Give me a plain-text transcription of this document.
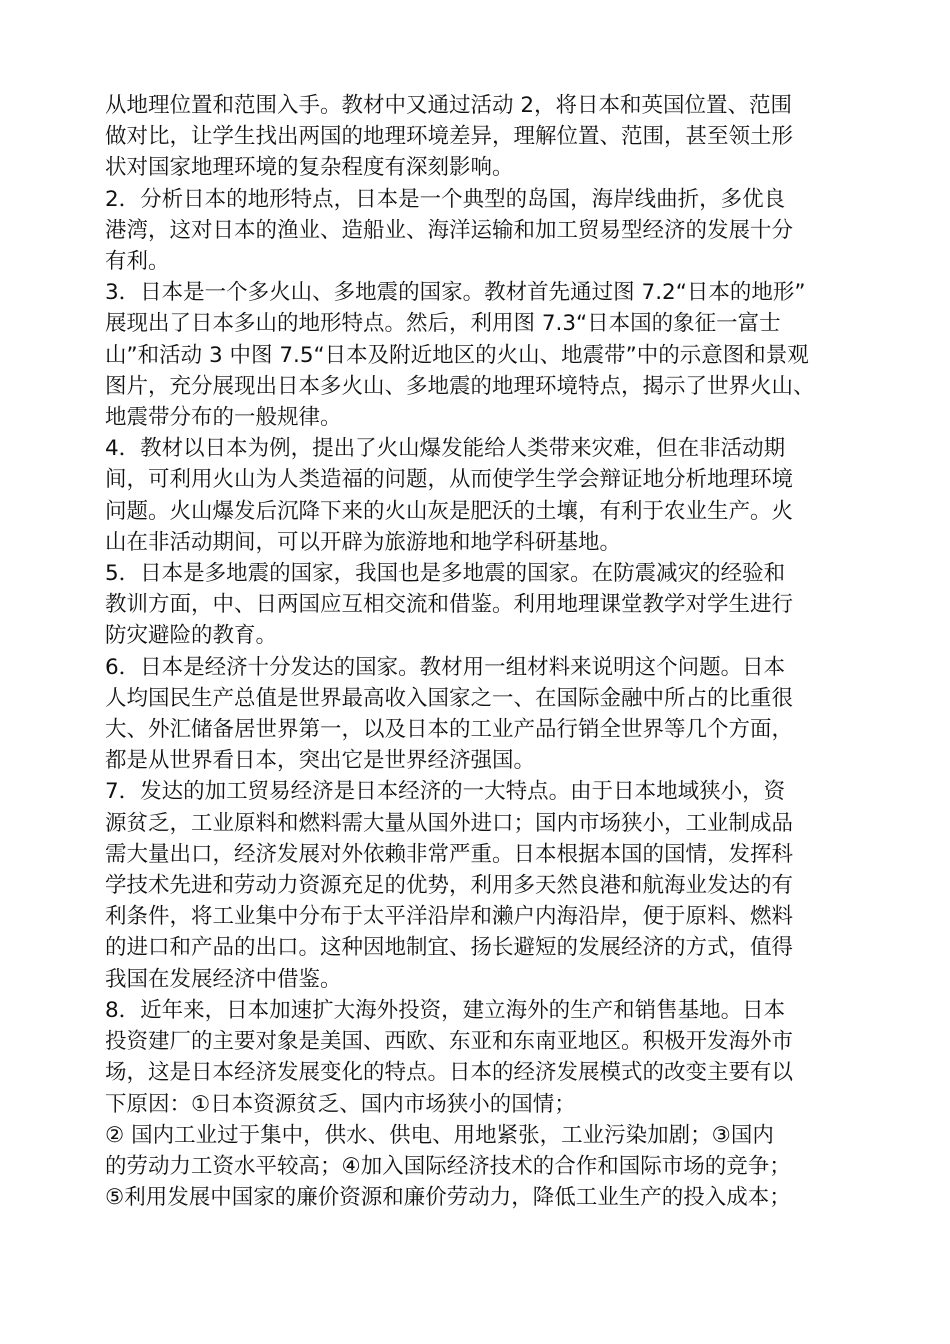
从地理位置和范围入手。教材中又通过活动 2，将日本和英国位置、范围
做对比，让学生找出两国的地理环境差异，理解位置、范围，甚至领土形
状对国家地理环境的复杂程度有深刻影响。
2．分析日本的地形特点，日本是一个典型的岛国，海岸线曲折，多优良
港湾，这对日本的渔业、造船业、海洋运输和加工贸易型经济的发展十分
有利。
3．日本是一个多火山、多地震的国家。教材首先通过图 7.2“日本的地形”
展现出了日本多山的地形特点。然后，利用图 7.3“日本国的象征一富士
山”和活动 3 中图 7.5“日本及附近地区的火山、地震带”中的示意图和景观
图片，充分展现出日本多火山、多地震的地理环境特点，揭示了世界火山、
地震带分布的一般规律。
4．教材以日本为例，提出了火山爆发能给人类带来灾难，但在非活动期
间，可利用火山为人类造福的问题，从而使学生学会辩证地分析地理环境
问题。火山爆发后沉降下来的火山灰是肥沃的土壤，有利于农业生产。火
山在非活动期间，可以开辟为旅游地和地学科研基地。
5．日本是多地震的国家，我国也是多地震的国家。在防震减灾的经验和
教训方面，中、日两国应互相交流和借鉴。利用地理课堂教学对学生进行
防灾避险的教育。
6．日本是经济十分发达的国家。教材用一组材料来说明这个问题。日本
人均国民生产总值是世界最高收入国家之一、在国际金融中所占的比重很
大、外汇储备居世界第一，以及日本的工业产品行销全世界等几个方面，
都是从世界看日本，突出它是世界经济强国。
7．发达的加工贸易经济是日本经济的一大特点。由于日本地域狭小，资
源贫乏，工业原料和燃料需大量从国外进口；国内市场狭小，工业制成品
需大量出口，经济发展对外依赖非常严重。日本根据本国的国情，发挥科
学技术先进和劳动力资源充足的优势，利用多天然良港和航海业发达的有
利条件，将工业集中分布于太平洋沿岸和濑户内海沿岸，便于原料、燃料
的进口和产品的出口。这种因地制宜、扬长避短的发展经济的方式，值得
我国在发展经济中借鉴。
8．近年来，日本加速扩大海外投资，建立海外的生产和销售基地。日本
投资建厂的主要对象是美国、西欧、东亚和东南亚地区。积极开发海外市
场，这是日本经济发展变化的特点。日本的经济发展模式的改变主要有以
下原因：①日本资源贫乏、国内市场狭小的国情；
② 国内工业过于集中，供水、供电、用地紧张，工业污染加剧；③国内
的劳动力工资水平较高；④加入国际经济技术的合作和国际市场的竞争；
⑤利用发展中国家的廉价资源和廉价劳动力，降低工业生产的投入成本；
